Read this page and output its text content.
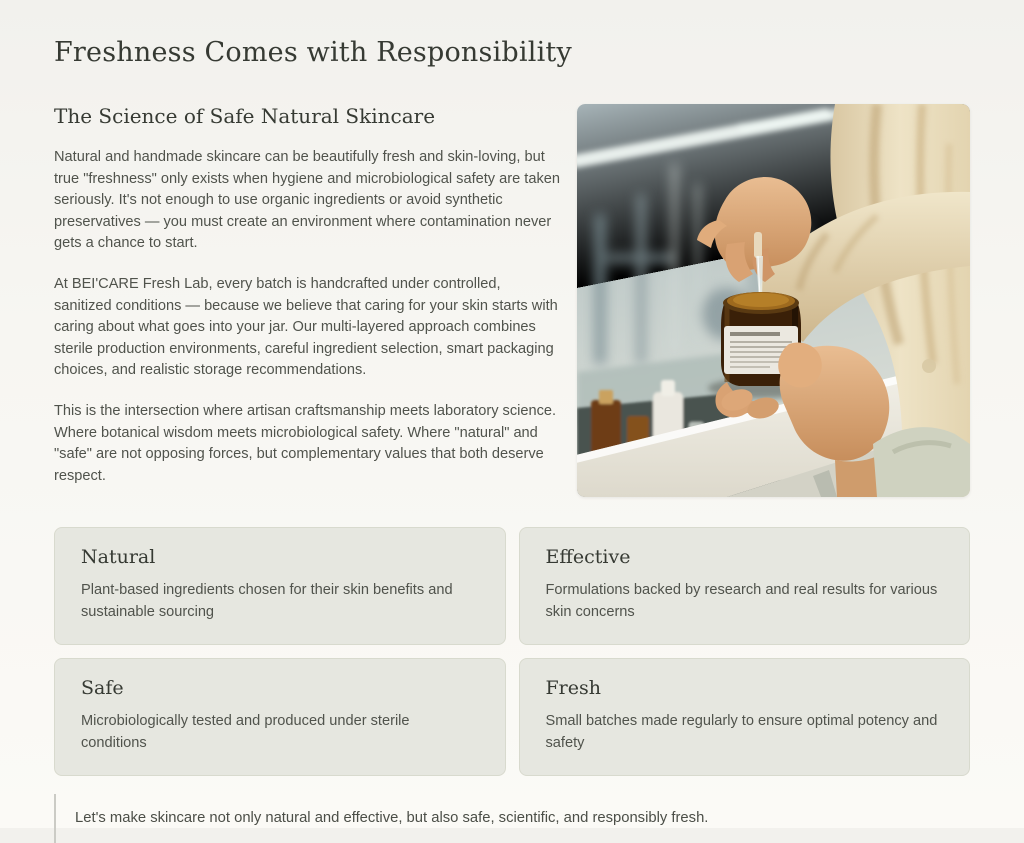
Freshness Comes with Responsibility
The Science of Safe Natural Skincare

Natural and handmade skincare can be beautifully fresh and skin-loving, but true "freshness" only exists when hygiene and microbiological safety are taken seriously. It's not enough to use organic ingredients or avoid synthetic preservatives — you must create an environment where contamination never gets a chance to start.

At BEI'CARE Fresh Lab, every batch is handcrafted under controlled, sanitized conditions — because we believe that caring for your skin starts with caring about what goes into your jar. Our multi-layered approach combines sterile production environments, careful ingredient selection, smart packaging choices, and realistic storage recommendations.

This is the intersection where artisan craftsmanship meets laboratory science. Where botanical wisdom meets microbiological safety. Where "natural" and "safe" are not opposing forces, but complementary values that both deserve respect.

Natural

Plant-based ingredients chosen for their skin benefits and sustainable sourcing

Effective

Formulations backed by research and real results for various skin concerns

Safe

Microbiologically tested and produced under sterile conditions

Fresh

Small batches made regularly to ensure optimal potency and safety

Let's make skincare not only natural and effective, but also safe, scientific, and responsibly fresh.
